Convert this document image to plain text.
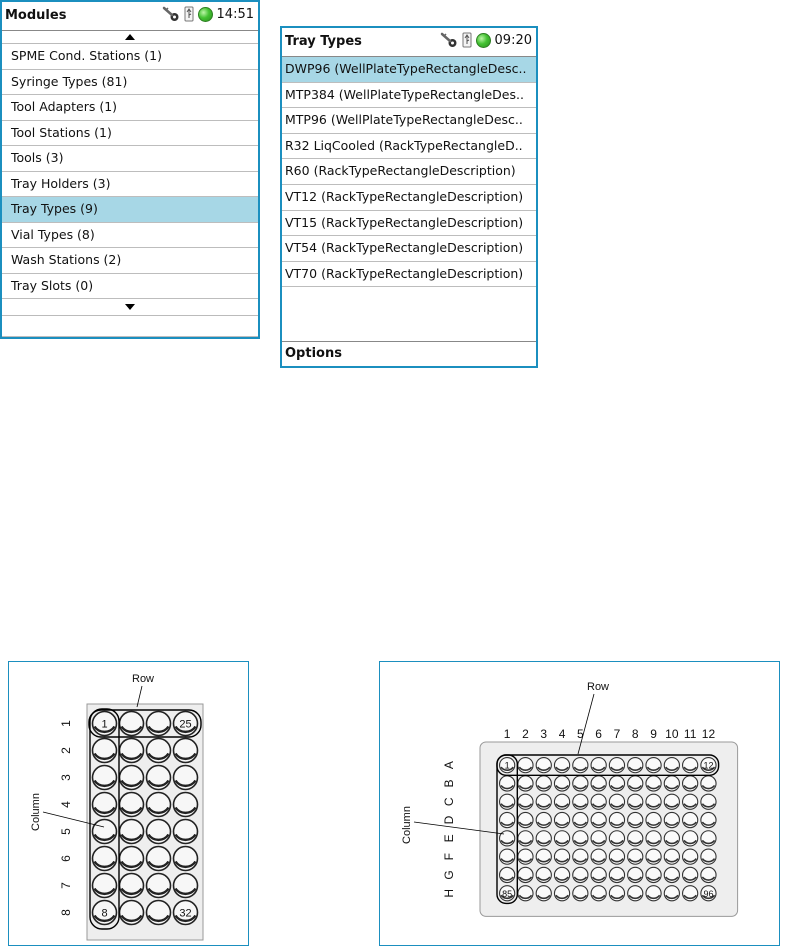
Modules	14:51
SPME Cond. Stations (1)
Syringe Types (81)
Tool Adapters (1)
Tool Stations (1)
Tools (3)
Tray Holders (3)
Tray Types (9)
Vial Types (8)
Wash Stations (2)
Tray Slots (0)
Tray Types	09:20
DWP96 (WellPlateTypeRectangleDesc..
MTP384 (WellPlateTypeRectangleDes..
MTP96 (WellPlateTypeRectangleDesc..
R32 LiqCooled (RackTypeRectangleD..
R60 (RackTypeRectangleDescription)
VT12 (RackTypeRectangleDescription)
VT15 (RackTypeRectangleDescription)
VT54 (RackTypeRectangleDescription)
VT70 (RackTypeRectangleDescription)
Options
1
2
3
4
5
6
7
8
1	25
8	32
Row
Column
1 2 3 4 5 6 7 8 9 10 11 12
A
B
C
D
E
F
G
H
1	12
85	96
Row
Column
